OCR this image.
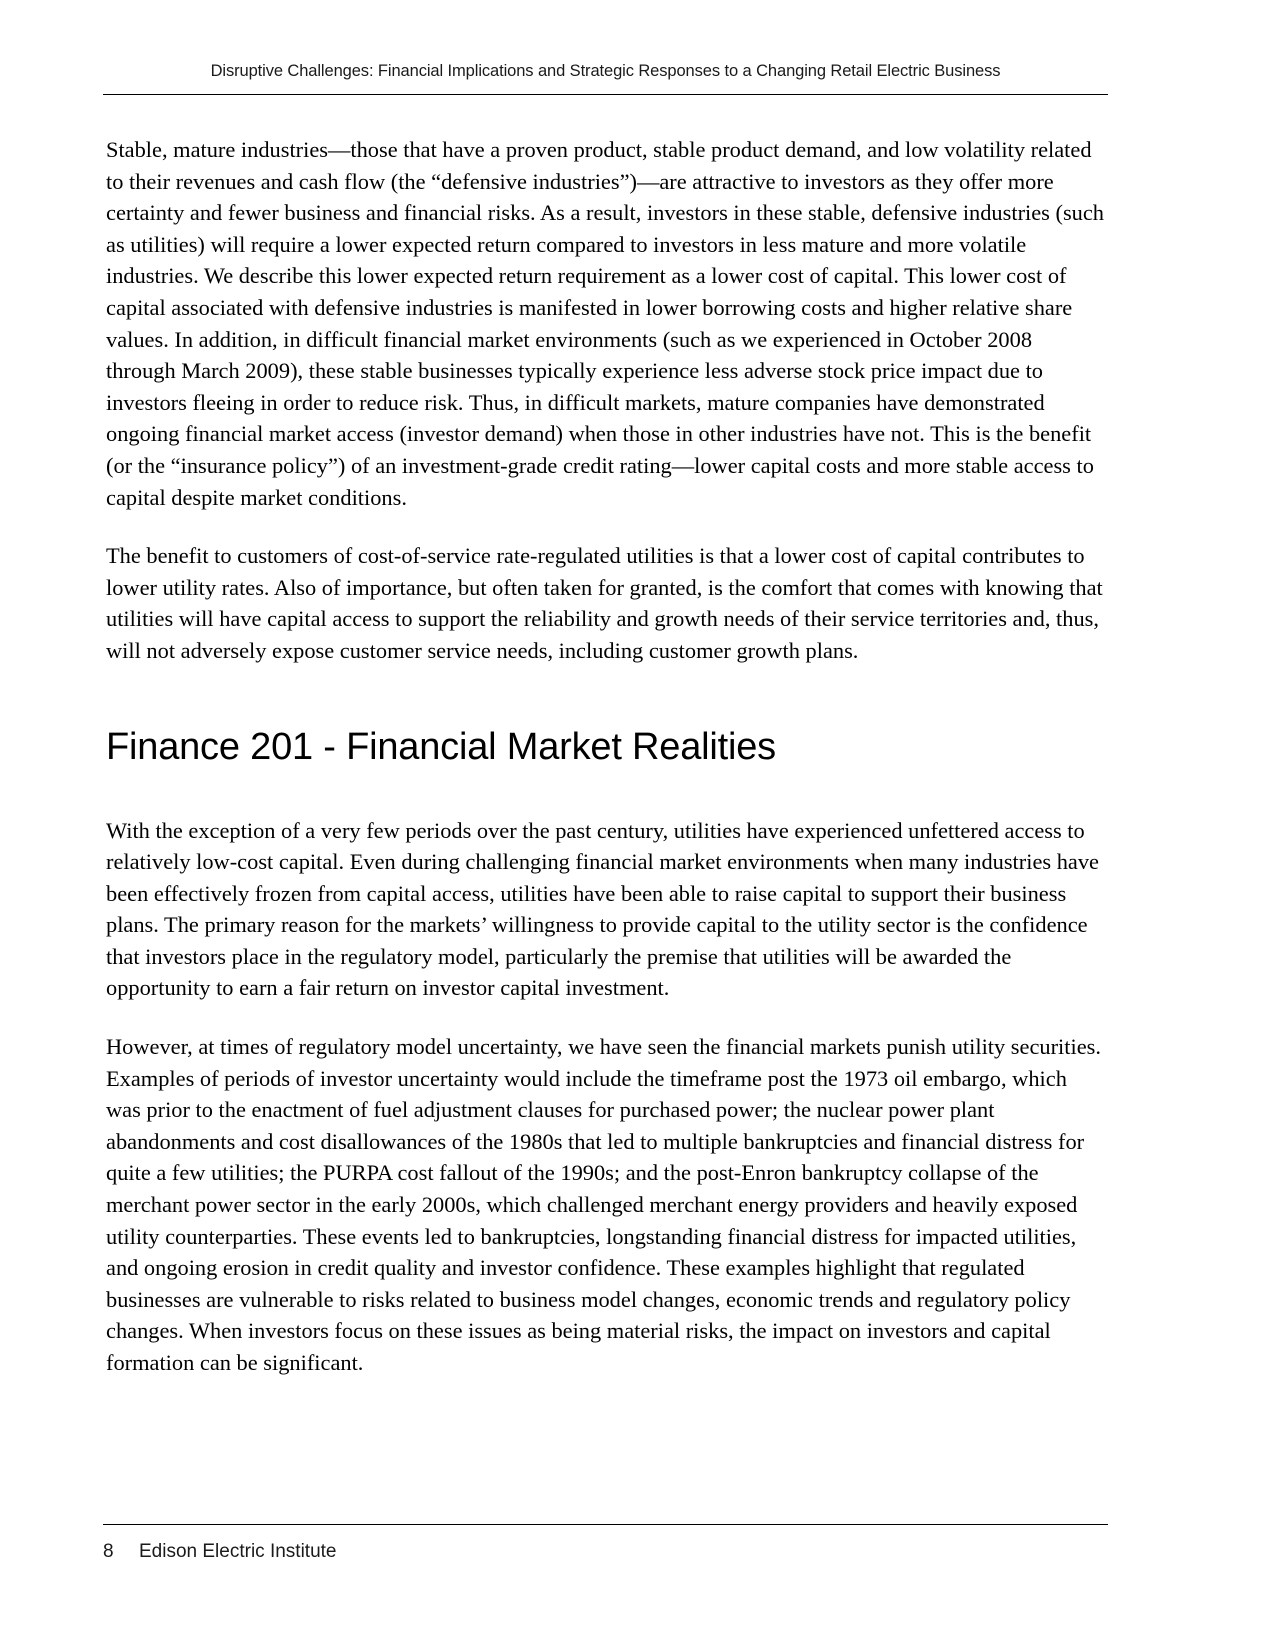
Disruptive Challenges: Financial Implications and Strategic Responses to a Changing Retail Electric Business

Stable, mature industries—those that have a proven product, stable product demand, and low volatility related to their revenues and cash flow (the “defensive industries”)—are attractive to investors as they offer more certainty and fewer business and financial risks. As a result, investors in these stable, defensive industries (such as utilities) will require a lower expected return compared to investors in less mature and more volatile industries. We describe this lower expected return requirement as a lower cost of capital. This lower cost of capital associated with defensive industries is manifested in lower borrowing costs and higher relative share values. In addition, in difficult financial market environments (such as we experienced in October 2008 through March 2009), these stable businesses typically experience less adverse stock price impact due to investors fleeing in order to reduce risk. Thus, in difficult markets, mature companies have demonstrated ongoing financial market access (investor demand) when those in other industries have not. This is the benefit (or the “insurance policy”) of an investment-grade credit rating—lower capital costs and more stable access to capital despite market conditions.

The benefit to customers of cost-of-service rate-regulated utilities is that a lower cost of capital contributes to lower utility rates. Also of importance, but often taken for granted, is the comfort that comes with knowing that utilities will have capital access to support the reliability and growth needs of their service territories and, thus, will not adversely expose customer service needs, including customer growth plans.

Finance 201 - Financial Market Realities

With the exception of a very few periods over the past century, utilities have experienced unfettered access to relatively low-cost capital. Even during challenging financial market environments when many industries have been effectively frozen from capital access, utilities have been able to raise capital to support their business plans. The primary reason for the markets’ willingness to provide capital to the utility sector is the confidence that investors place in the regulatory model, particularly the premise that utilities will be awarded the opportunity to earn a fair return on investor capital investment.

However, at times of regulatory model uncertainty, we have seen the financial markets punish utility securities. Examples of periods of investor uncertainty would include the timeframe post the 1973 oil embargo, which was prior to the enactment of fuel adjustment clauses for purchased power; the nuclear power plant abandonments and cost disallowances of the 1980s that led to multiple bankruptcies and financial distress for quite a few utilities; the PURPA cost fallout of the 1990s; and the post-Enron bankruptcy collapse of the merchant power sector in the early 2000s, which challenged merchant energy providers and heavily exposed utility counterparties. These events led to bankruptcies, longstanding financial distress for impacted utilities, and ongoing erosion in credit quality and investor confidence. These examples highlight that regulated businesses are vulnerable to risks related to business model changes, economic trends and regulatory policy changes. When investors focus on these issues as being material risks, the impact on investors and capital formation can be significant.

8	Edison Electric Institute
